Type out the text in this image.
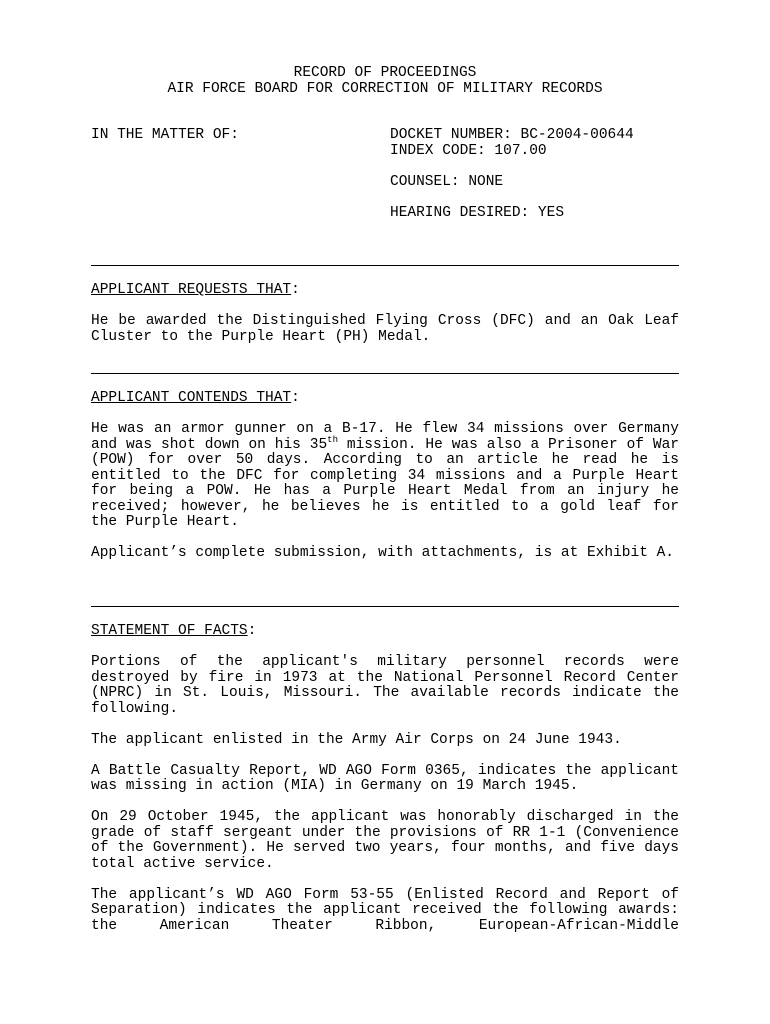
RECORD OF PROCEEDINGS
AIR FORCE BOARD FOR CORRECTION OF MILITARY RECORDS
IN THE MATTER OF:	DOCKET NUMBER: BC-2004-00644
INDEX CODE: 107.00
COUNSEL: NONE
HEARING DESIRED: YES
APPLICANT REQUESTS THAT:

He be awarded the Distinguished Flying Cross (DFC) and an Oak Leaf Cluster to the Purple Heart (PH) Medal.

APPLICANT CONTENDS THAT:

He was an armor gunner on a B-17. He flew 34 missions over Germany and was shot down on his 35th mission. He was also a Prisoner of War (POW) for over 50 days. According to an article he read he is entitled to the DFC for completing 34 missions and a Purple Heart for being a POW. He has a Purple Heart Medal from an injury he received; however, he believes he is entitled to a gold leaf for the Purple Heart.

Applicant’s complete submission, with attachments, is at Exhibit A.

STATEMENT OF FACTS:

Portions of the applicant's military personnel records were destroyed by fire in 1973 at the National Personnel Record Center (NPRC) in St. Louis, Missouri. The available records indicate the following.

The applicant enlisted in the Army Air Corps on 24 June 1943.

A Battle Casualty Report, WD AGO Form 0365, indicates the applicant was missing in action (MIA) in Germany on 19 March 1945.

On 29 October 1945, the applicant was honorably discharged in the grade of staff sergeant under the provisions of RR 1-1 (Convenience of the Government). He served two years, four months, and five days total active service.

The applicant’s WD AGO Form 53-55 (Enlisted Record and Report of Separation) indicates the applicant received the following awards: the American Theater Ribbon, European-African-Middle
